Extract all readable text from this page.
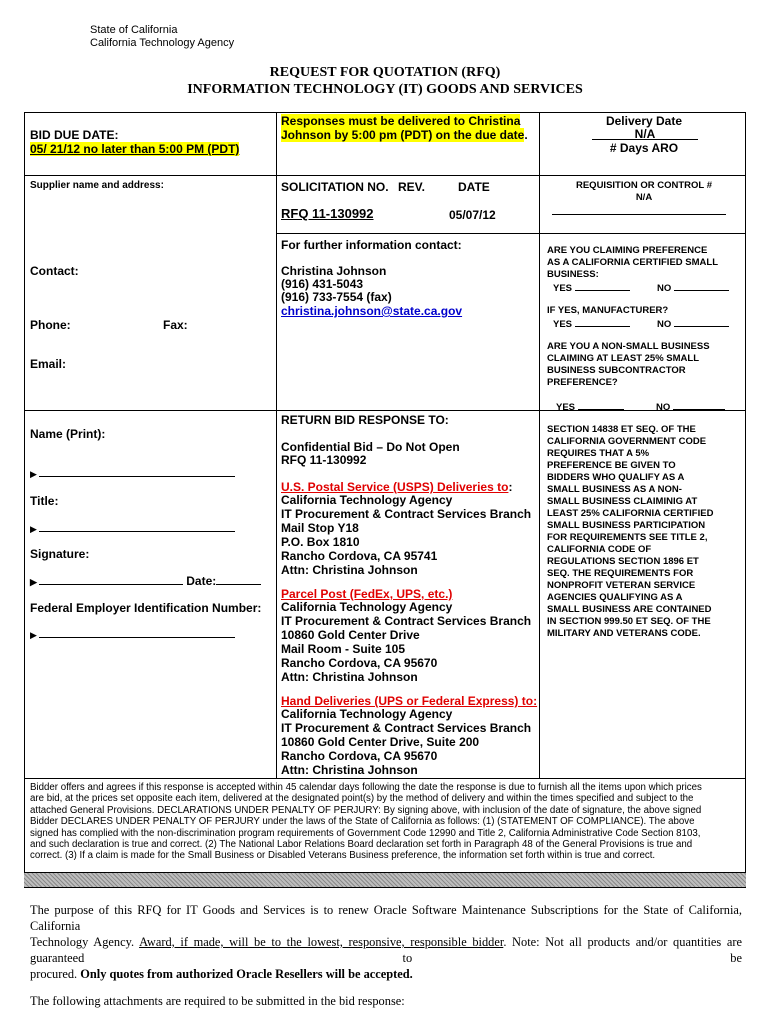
State of California
California Technology Agency
REQUEST FOR QUOTATION (RFQ)
INFORMATION TECHNOLOGY (IT) GOODS AND SERVICES
BID DUE DATE:
05/ 21/12 no later than 5:00 PM (PDT)
Responses must be delivered to Christina
Johnson by 5:00 pm (PDT) on the due date.
Delivery Date
N/A
# Days ARO
Supplier name and address:	SOLICITATION NO. REV.	DATE
RFQ 11-130992	05/07/12
REQUISITION OR CONTROL #
N/A
For further information contact:
Christina Johnson
(916) 431-5043
(916) 733-7554 (fax)
christina.johnson@state.ca.gov
Contact:
Phone:	Fax:
Email:
ARE YOU CLAIMING PREFERENCE
AS A CALIFORNIA CERTIFIED SMALL
BUSINESS:
YES	NO
IF YES, MANUFACTURER?
YES	NO
ARE YOU A NON-SMALL BUSINESS
CLAIMING AT LEAST 25% SMALL
BUSINESS SUBCONTRACTOR
PREFERENCE?
YES	NO
Name (Print):
▶
Title:
▶
Signature:
▶	Date:
Federal Employer Identification Number:
▶
RETURN BID RESPONSE TO:
Confidential Bid – Do Not Open
RFQ 11-130992
U.S. Postal Service (USPS) Deliveries to:
California Technology Agency
IT Procurement & Contract Services Branch
Mail Stop Y18
P.O. Box 1810
Rancho Cordova, CA 95741
Attn: Christina Johnson
Parcel Post (FedEx, UPS, etc.)
California Technology Agency
IT Procurement & Contract Services Branch
10860 Gold Center Drive
Mail Room - Suite 105
Rancho Cordova, CA 95670
Attn: Christina Johnson
Hand Deliveries (UPS or Federal Express) to:
California Technology Agency
IT Procurement & Contract Services Branch
10860 Gold Center Drive, Suite 200
Rancho Cordova, CA 95670
Attn: Christina Johnson
SECTION 14838 ET SEQ. OF THE
CALIFORNIA GOVERNMENT CODE
REQUIRES THAT A 5%
PREFERENCE BE GIVEN TO
BIDDERS WHO QUALIFY AS A
SMALL BUSINESS AS A NON-
SMALL BUSINESS CLAIMINIG AT
LEAST 25% CALIFORNIA CERTIFIED
SMALL BUSINESS PARTICIPATION
FOR REQUIREMENTS SEE TITLE 2,
CALIFORNIA CODE OF
REGULATIONS SECTION 1896 ET
SEQ. THE REQUIREMENTS FOR
NONPROFIT VETERAN SERVICE
AGENCIES QUALIFYING AS A
SMALL BUSINESS ARE CONTAINED
IN SECTION 999.50 ET SEQ. OF THE
MILITARY AND VETERANS CODE.
Bidder offers and agrees if this response is accepted within 45 calendar days following the date the response is due to furnish all the items upon which prices
are bid, at the prices set opposite each item, delivered at the designated point(s) by the method of delivery and within the times specified and subject to the
attached General Provisions. DECLARATIONS UNDER PENALTY OF PERJURY: By signing above, with inclusion of the date of signature, the above signed
Bidder DECLARES UNDER PENALTY OF PERJURY under the laws of the State of California as follows: (1) (STATEMENT OF COMPLIANCE). The above
signed has complied with the non-discrimination program requirements of Government Code 12990 and Title 2, California Administrative Code Section 8103,
and such declaration is true and correct. (2) The National Labor Relations Board declaration set forth in Paragraph 48 of the General Provisions is true and
correct. (3) If a claim is made for the Small Business or Disabled Veterans Business preference, the information set forth within is true and correct.
The purpose of this RFQ for IT Goods and Services is to renew Oracle Software Maintenance Subscriptions for the State of California, California
Technology Agency. Award, if made, will be to the lowest, responsive, responsible bidder. Note: Not all products and/or quantities are guaranteed to be
procured. Only quotes from authorized Oracle Resellers will be accepted.
The following attachments are required to be submitted in the bid response:
